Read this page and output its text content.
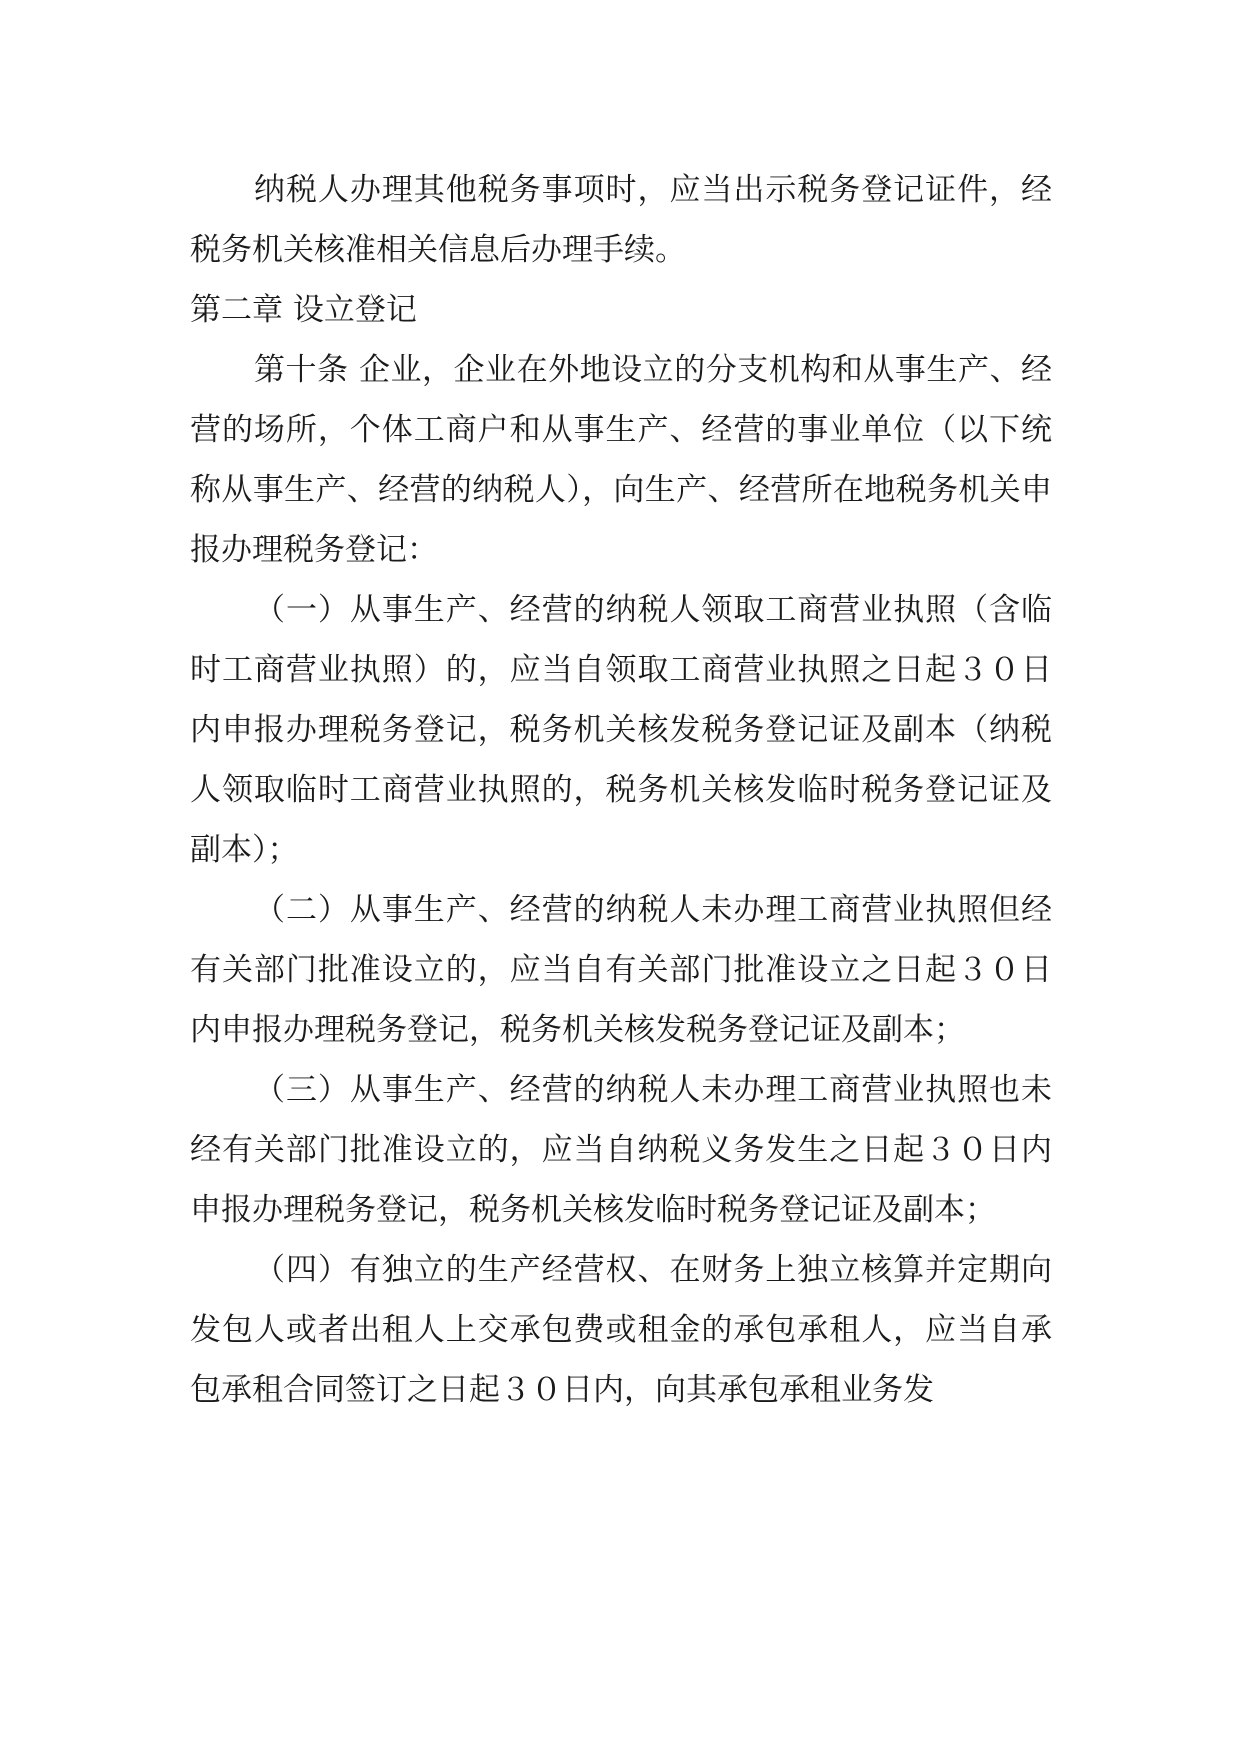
纳税人办理其他税务事项时，应当出示税务登记证件，经税务机关核准相关信息后办理手续。

第二章 设立登记

第十条 企业，企业在外地设立的分支机构和从事生产、经营的场所，个体工商户和从事生产、经营的事业单位（以下统称从事生产、经营的纳税人），向生产、经营所在地税务机关申报办理税务登记：

（一）从事生产、经营的纳税人领取工商营业执照（含临时工商营业执照）的，应当自领取工商营业执照之日起３０日内申报办理税务登记，税务机关核发税务登记证及副本（纳税人领取临时工商营业执照的，税务机关核发临时税务登记证及副本）；

（二）从事生产、经营的纳税人未办理工商营业执照但经有关部门批准设立的，应当自有关部门批准设立之日起３０日内申报办理税务登记，税务机关核发税务登记证及副本；

（三）从事生产、经营的纳税人未办理工商营业执照也未经有关部门批准设立的，应当自纳税义务发生之日起３０日内申报办理税务登记，税务机关核发临时税务登记证及副本；

（四）有独立的生产经营权、在财务上独立核算并定期向发包人或者出租人上交承包费或租金的承包承租人，应当自承包承租合同签订之日起３０日内，向其承包承租业务发
